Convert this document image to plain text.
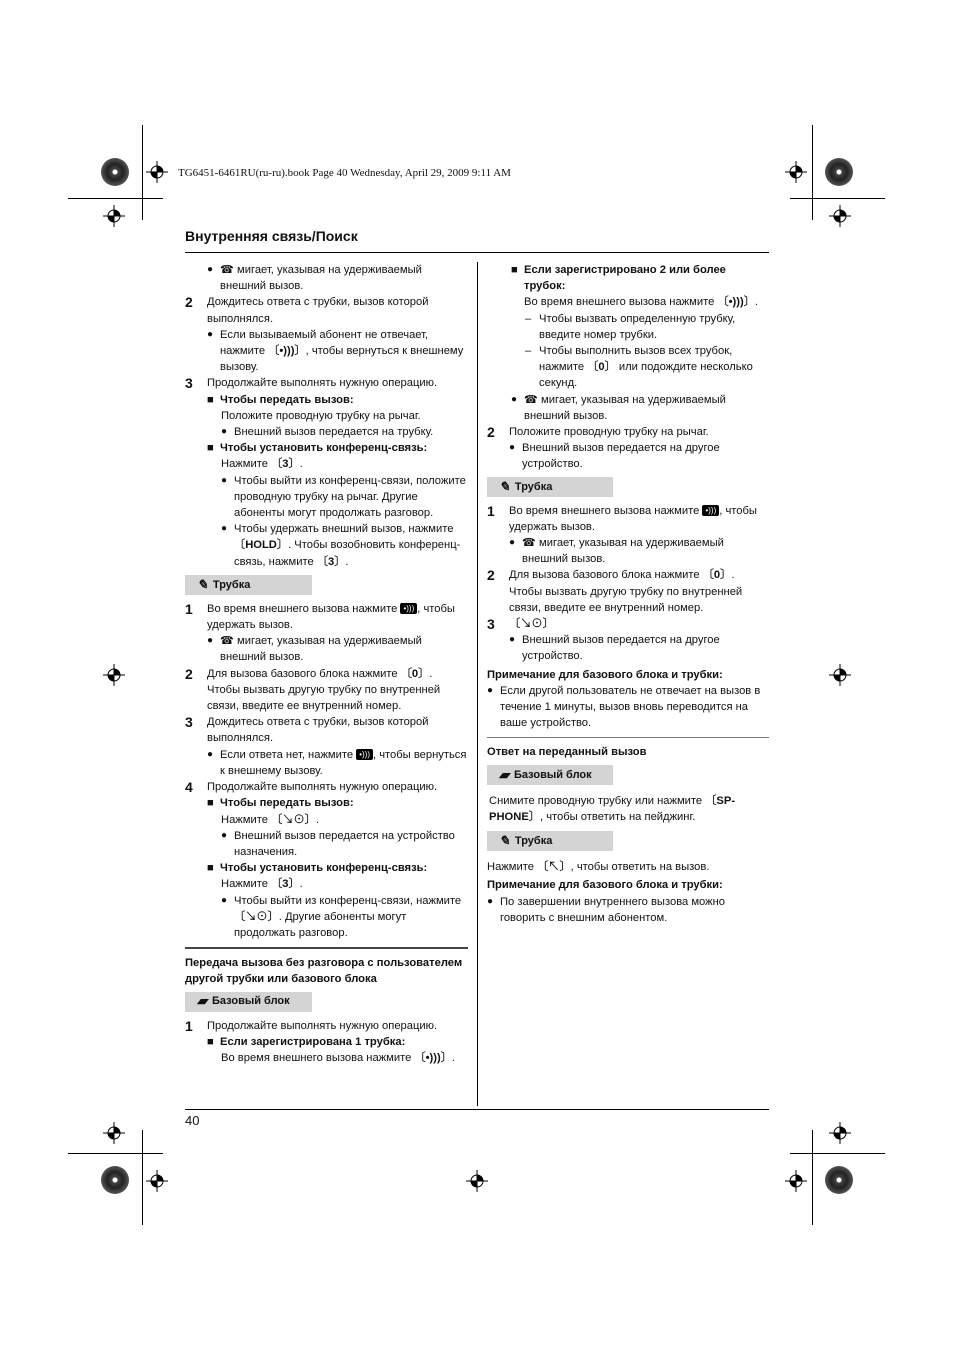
TG6451-6461RU(ru-ru).book Page 40 Wednesday, April 29, 2009 9:11 AM
Внутренняя связь/Поиск
40
● ☎ мигает, указывая на удерживаемый внешний вызов.
2	Дождитесь ответа с трубки, вызов которой выполнялся.
● Если вызываемый абонент не отвечает, нажмите 〔•)))〕, чтобы вернуться к внешнему вызову.
3	Продолжайте выполнять нужную операцию.
■ Чтобы передать вызов:
Положите проводную трубку на рычаг.
● Внешний вызов передается на трубку.
■ Чтобы установить конференц-связь:
Нажмите 〔3〕.
● Чтобы выйти из конференц-связи, положите проводную трубку на рычаг. Другие абоненты могут продолжать разговор.
● Чтобы удержать внешний вызов, нажмите 〔HOLD〕. Чтобы возобновить конференц-связь, нажмите 〔3〕.
✎ Трубка
1	Во время внешнего вызова нажмите •))) , чтобы удержать вызов.
● ☎ мигает, указывая на удерживаемый внешний вызов.
2	Для вызова базового блока нажмите 〔0〕. Чтобы вызвать другую трубку по внутренней связи, введите ее внутренний номер.
3	Дождитесь ответа с трубки, вызов которой выполнялся.
● Если ответа нет, нажмите •))) , чтобы вернуться к внешнему вызову.
4	Продолжайте выполнять нужную операцию.
■ Чтобы передать вызов:
Нажмите 〔↘⊙〕.
● Внешний вызов передается на устройство назначения.
■ Чтобы установить конференц-связь:
Нажмите 〔3〕.
● Чтобы выйти из конференц-связи, нажмите 〔↘⊙〕. Другие абоненты могут продолжать разговор.
Передача вызова без разговора с пользователем другой трубки или базового блока
▰ Базовый блок
1	Продолжайте выполнять нужную операцию.
■ Если зарегистрирована 1 трубка:
Во время внешнего вызова нажмите 〔•)))〕.
■ Если зарегистрировано 2 или более трубок:
Во время внешнего вызова нажмите 〔•)))〕.
– Чтобы вызвать определенную трубку, введите номер трубки.
– Чтобы выполнить вызов всех трубок, нажмите 〔0〕 или подождите несколько секунд.
● ☎ мигает, указывая на удерживаемый внешний вызов.
2	Положите проводную трубку на рычаг.
● Внешний вызов передается на другое устройство.
✎ Трубка
1	Во время внешнего вызова нажмите •))) , чтобы удержать вызов.
● ☎ мигает, указывая на удерживаемый внешний вызов.
2	Для вызова базового блока нажмите 〔0〕. Чтобы вызвать другую трубку по внутренней связи, введите ее внутренний номер.
3	〔↘⊙〕
● Внешний вызов передается на другое устройство.
Примечание для базового блока и трубки:
● Если другой пользователь не отвечает на вызов в течение 1 минуты, вызов вновь переводится на ваше устройство.
Ответ на переданный вызов
▰ Базовый блок
Снимите проводную трубку или нажмите 〔SP-PHONE〕, чтобы ответить на пейджинг.
✎ Трубка
Нажмите 〔↖〕, чтобы ответить на вызов.
Примечание для базового блока и трубки:
● По завершении внутреннего вызова можно говорить с внешним абонентом.
